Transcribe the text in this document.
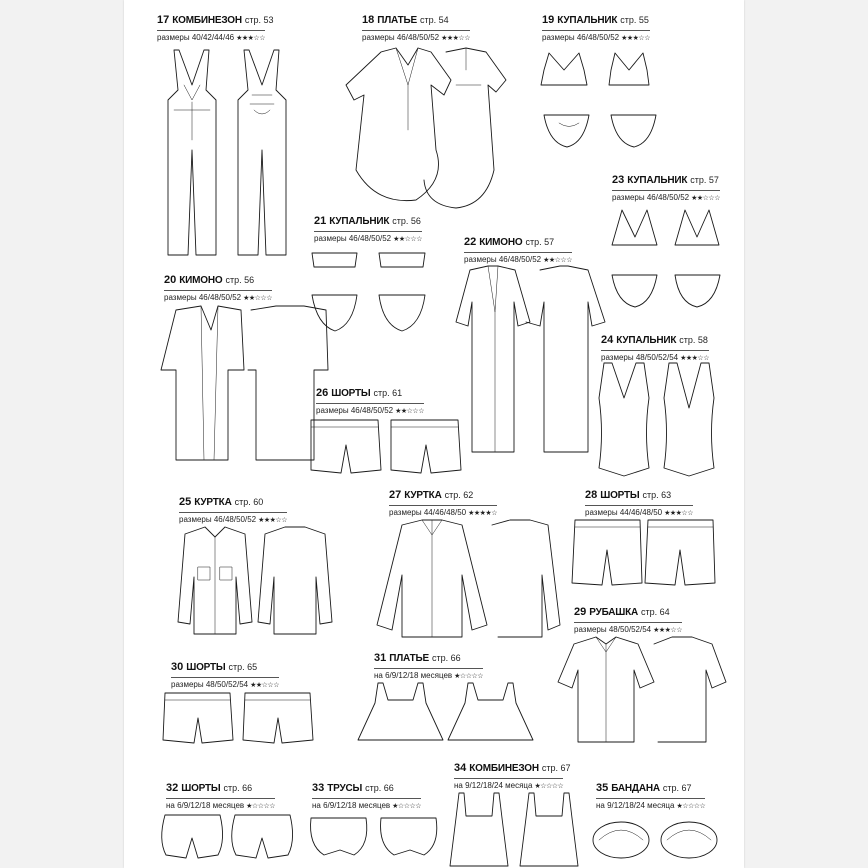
17 КОМБИНЕЗОН стр. 53
размеры 40/42/44/46 ★★★☆☆
18 ПЛАТЬЕ стр. 54
размеры 46/48/50/52 ★★★☆☆
19 КУПАЛЬНИК стр. 55
размеры 46/48/50/52 ★★★☆☆
23 КУПАЛЬНИК стр. 57
размеры 46/48/50/52 ★★☆☆☆
21 КУПАЛЬНИК стр. 56
размеры 46/48/50/52 ★★☆☆☆	22 КИМОНО стр. 57
размеры 46/48/50/52 ★★☆☆☆
20 КИМОНО стр. 56
размеры 46/48/50/52 ★★☆☆☆
24 КУПАЛЬНИК стр. 58
размеры 48/50/52/54 ★★★☆☆
26 ШОРТЫ стр. 61
размеры 46/48/50/52 ★★☆☆☆
25 КУРТКА стр. 60
размеры 46/48/50/52 ★★★☆☆
27 КУРТКА стр. 62
размеры 44/46/48/50 ★★★★☆
28 ШОРТЫ стр. 63
размеры 44/46/48/50 ★★★☆☆
29 РУБАШКА стр. 64
размеры 48/50/52/54 ★★★☆☆
30 ШОРТЫ стр. 65
размеры 48/50/52/54 ★★☆☆☆
31 ПЛАТЬЕ стр. 66
на 6/9/12/18 месяцев ★☆☆☆☆
34 КОМБИНЕЗОН стр. 67
на 9/12/18/24 месяца ★☆☆☆☆
32 ШОРТЫ стр. 66
на 6/9/12/18 месяцев ★☆☆☆☆
33 ТРУСЫ стр. 66
на 6/9/12/18 месяцев ★☆☆☆☆
35 БАНДАНА стр. 67
на 9/12/18/24 месяца ★☆☆☆☆
